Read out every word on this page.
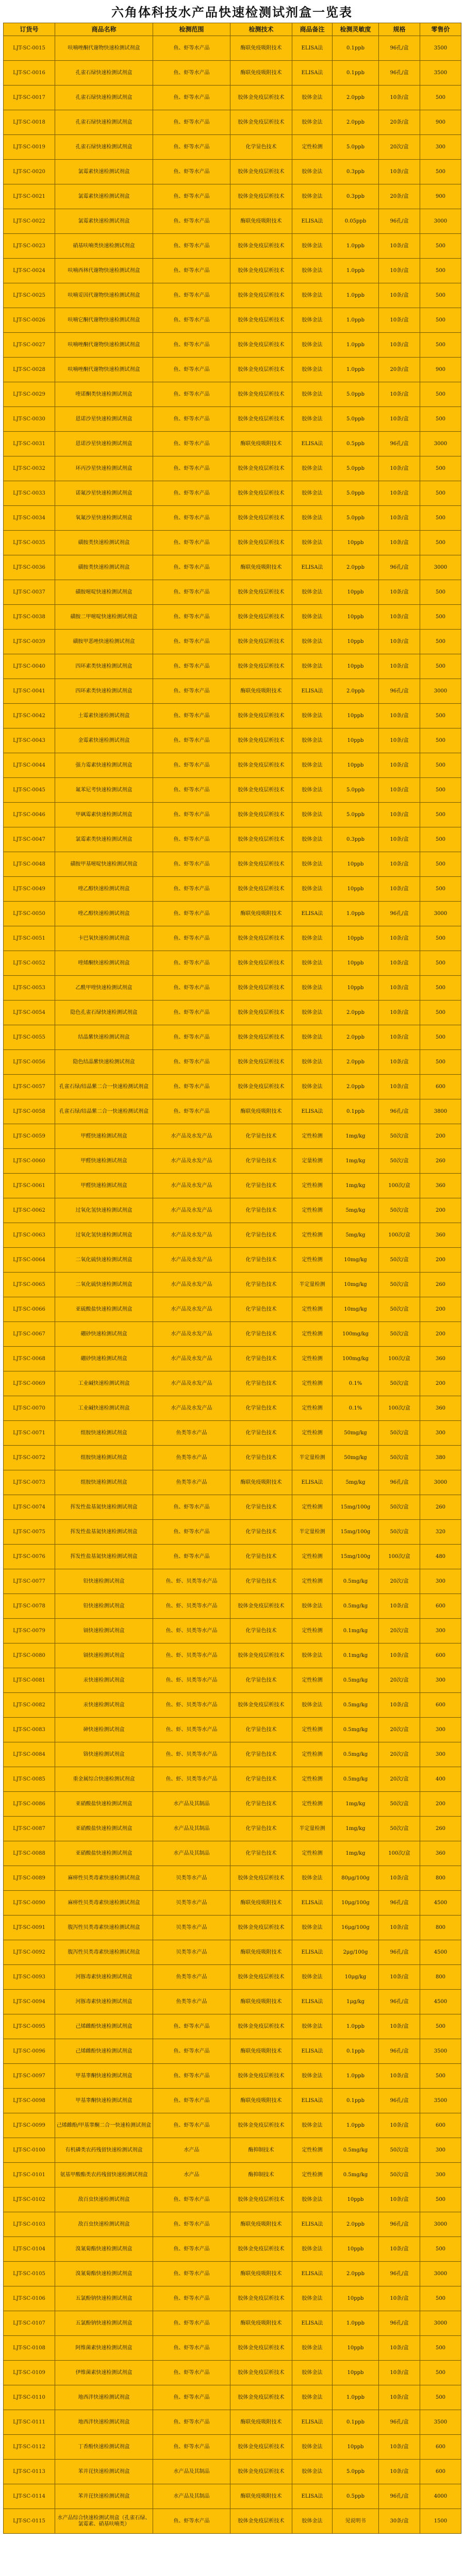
六角体科技水产品快速检测试剂盒一览表
订货号	商品名称	检测范围	检测技术	商品备注	检测灵敏度	规格	零售价
LJT-SC-0015	呋喃唑酮代谢物快速检测试剂盒	鱼、虾等水产品	酶联免疫吸附技术	ELISA法	0.1ppb	96孔/盒	3500
LJT-SC-0016	孔雀石绿快速检测试剂盒	鱼、虾等水产品	酶联免疫吸附技术	ELISA法	0.1ppb	96孔/盒	3500
LJT-SC-0017	孔雀石绿快速检测试剂盒	鱼、虾等水产品	胶体金免疫层析技术	胶体金法	2.0ppb	10条/盒	500
LJT-SC-0018	孔雀石绿快速检测试剂盒	鱼、虾等水产品	胶体金免疫层析技术	胶体金法	2.0ppb	20条/盒	900
LJT-SC-0019	孔雀石绿快速检测试剂盒	鱼、虾等水产品	化学显色技术	定性检测	5.0ppb	20次/盒	300
LJT-SC-0020	氯霉素快速检测试剂盒	鱼、虾等水产品	胶体金免疫层析技术	胶体金法	0.3ppb	10条/盒	500
LJT-SC-0021	氯霉素快速检测试剂盒	鱼、虾等水产品	胶体金免疫层析技术	胶体金法	0.3ppb	20条/盒	900
LJT-SC-0022	氯霉素快速检测试剂盒	鱼、虾等水产品	酶联免疫吸附技术	ELISA法	0.05ppb	96孔/盒	3000
LJT-SC-0023	硝基呋喃类快速检测试剂盒	鱼、虾等水产品	胶体金免疫层析技术	胶体金法	1.0ppb	10条/盒	500
LJT-SC-0024	呋喃西林代谢物快速检测试剂盒	鱼、虾等水产品	胶体金免疫层析技术	胶体金法	1.0ppb	10条/盒	500
LJT-SC-0025	呋喃妥因代谢物快速检测试剂盒	鱼、虾等水产品	胶体金免疫层析技术	胶体金法	1.0ppb	10条/盒	500
LJT-SC-0026	呋喃它酮代谢物快速检测试剂盒	鱼、虾等水产品	胶体金免疫层析技术	胶体金法	1.0ppb	10条/盒	500
LJT-SC-0027	呋喃唑酮代谢物快速检测试剂盒	鱼、虾等水产品	胶体金免疫层析技术	胶体金法	1.0ppb	10条/盒	500
LJT-SC-0028	呋喃唑酮代谢物快速检测试剂盒	鱼、虾等水产品	胶体金免疫层析技术	胶体金法	1.0ppb	20条/盒	900
LJT-SC-0029	喹诺酮类快速检测试剂盒	鱼、虾等水产品	胶体金免疫层析技术	胶体金法	5.0ppb	10条/盒	500
LJT-SC-0030	恩诺沙星快速检测试剂盒	鱼、虾等水产品	胶体金免疫层析技术	胶体金法	5.0ppb	10条/盒	500
LJT-SC-0031	恩诺沙星快速检测试剂盒	鱼、虾等水产品	酶联免疫吸附技术	ELISA法	0.5ppb	96孔/盒	3000
LJT-SC-0032	环丙沙星快速检测试剂盒	鱼、虾等水产品	胶体金免疫层析技术	胶体金法	5.0ppb	10条/盒	500
LJT-SC-0033	诺氟沙星快速检测试剂盒	鱼、虾等水产品	胶体金免疫层析技术	胶体金法	5.0ppb	10条/盒	500
LJT-SC-0034	氧氟沙星快速检测试剂盒	鱼、虾等水产品	胶体金免疫层析技术	胶体金法	5.0ppb	10条/盒	500
LJT-SC-0035	磺胺类快速检测试剂盒	鱼、虾等水产品	胶体金免疫层析技术	胶体金法	10ppb	10条/盒	500
LJT-SC-0036	磺胺类快速检测试剂盒	鱼、虾等水产品	酶联免疫吸附技术	ELISA法	2.0ppb	96孔/盒	3000
LJT-SC-0037	磺胺嘧啶快速检测试剂盒	鱼、虾等水产品	胶体金免疫层析技术	胶体金法	10ppb	10条/盒	500
LJT-SC-0038	磺胺二甲嘧啶快速检测试剂盒	鱼、虾等水产品	胶体金免疫层析技术	胶体金法	10ppb	10条/盒	500
LJT-SC-0039	磺胺甲恶唑快速检测试剂盒	鱼、虾等水产品	胶体金免疫层析技术	胶体金法	10ppb	10条/盒	500
LJT-SC-0040	四环素类快速检测试剂盒	鱼、虾等水产品	胶体金免疫层析技术	胶体金法	10ppb	10条/盒	500
LJT-SC-0041	四环素类快速检测试剂盒	鱼、虾等水产品	酶联免疫吸附技术	ELISA法	2.0ppb	96孔/盒	3000
LJT-SC-0042	土霉素快速检测试剂盒	鱼、虾等水产品	胶体金免疫层析技术	胶体金法	10ppb	10条/盒	500
LJT-SC-0043	金霉素快速检测试剂盒	鱼、虾等水产品	胶体金免疫层析技术	胶体金法	10ppb	10条/盒	500
LJT-SC-0044	强力霉素快速检测试剂盒	鱼、虾等水产品	胶体金免疫层析技术	胶体金法	10ppb	10条/盒	500
LJT-SC-0045	氟苯尼考快速检测试剂盒	鱼、虾等水产品	胶体金免疫层析技术	胶体金法	5.0ppb	10条/盒	500
LJT-SC-0046	甲砜霉素快速检测试剂盒	鱼、虾等水产品	胶体金免疫层析技术	胶体金法	5.0ppb	10条/盒	500
LJT-SC-0047	氯霉素类快速检测试剂盒	鱼、虾等水产品	胶体金免疫层析技术	胶体金法	0.3ppb	10条/盒	500
LJT-SC-0048	磺胺甲基嘧啶快速检测试剂盒	鱼、虾等水产品	胶体金免疫层析技术	胶体金法	10ppb	10条/盒	500
LJT-SC-0049	喹乙醇快速检测试剂盒	鱼、虾等水产品	胶体金免疫层析技术	胶体金法	10ppb	10条/盒	500
LJT-SC-0050	喹乙醇快速检测试剂盒	鱼、虾等水产品	酶联免疫吸附技术	ELISA法	1.0ppb	96孔/盒	3000
LJT-SC-0051	卡巴氧快速检测试剂盒	鱼、虾等水产品	胶体金免疫层析技术	胶体金法	10ppb	10条/盒	500
LJT-SC-0052	喹烯酮快速检测试剂盒	鱼、虾等水产品	胶体金免疫层析技术	胶体金法	10ppb	10条/盒	500
LJT-SC-0053	乙酰甲喹快速检测试剂盒	鱼、虾等水产品	胶体金免疫层析技术	胶体金法	10ppb	10条/盒	500
LJT-SC-0054	隐色孔雀石绿快速检测试剂盒	鱼、虾等水产品	胶体金免疫层析技术	胶体金法	2.0ppb	10条/盒	500
LJT-SC-0055	结晶紫快速检测试剂盒	鱼、虾等水产品	胶体金免疫层析技术	胶体金法	2.0ppb	10条/盒	500
LJT-SC-0056	隐色结晶紫快速检测试剂盒	鱼、虾等水产品	胶体金免疫层析技术	胶体金法	2.0ppb	10条/盒	500
LJT-SC-0057	孔雀石绿/结晶紫二合一快速检测试剂盒	鱼、虾等水产品	胶体金免疫层析技术	胶体金法	2.0ppb	10条/盒	600
LJT-SC-0058	孔雀石绿/结晶紫二合一快速检测试剂盒	鱼、虾等水产品	酶联免疫吸附技术	ELISA法	0.1ppb	96孔/盒	3800
LJT-SC-0059	甲醛快速检测试剂盒	水产品及水发产品	化学显色技术	定性检测	1mg/kg	50次/盒	200
LJT-SC-0060	甲醛快速检测试剂盒	水产品及水发产品	化学显色技术	定量检测	1mg/kg	50次/盒	260
LJT-SC-0061	甲醛快速检测试剂盒	水产品及水发产品	化学显色技术	定性检测	1mg/kg	100次/盒	360
LJT-SC-0062	过氧化氢快速检测试剂盒	水产品及水发产品	化学显色技术	定性检测	5mg/kg	50次/盒	200
LJT-SC-0063	过氧化氢快速检测试剂盒	水产品及水发产品	化学显色技术	定性检测	5mg/kg	100次/盒	360
LJT-SC-0064	二氧化硫快速检测试剂盒	水产品及水发产品	化学显色技术	定性检测	10mg/kg	50次/盒	200
LJT-SC-0065	二氧化硫快速检测试剂盒	水产品及水发产品	化学显色技术	半定量检测	10mg/kg	50次/盒	260
LJT-SC-0066	亚硫酸盐快速检测试剂盒	水产品及水发产品	化学显色技术	定性检测	10mg/kg	50次/盒	200
LJT-SC-0067	硼砂快速检测试剂盒	水产品及水发产品	化学显色技术	定性检测	100mg/kg	50次/盒	200
LJT-SC-0068	硼砂快速检测试剂盒	水产品及水发产品	化学显色技术	定性检测	100mg/kg	100次/盒	360
LJT-SC-0069	工业碱快速检测试剂盒	水产品及水发产品	化学显色技术	定性检测	0.1%	50次/盒	200
LJT-SC-0070	工业碱快速检测试剂盒	水产品及水发产品	化学显色技术	定性检测	0.1%	100次/盒	360
LJT-SC-0071	组胺快速检测试剂盒	鱼类等水产品	化学显色技术	定性检测	50mg/kg	50次/盒	300
LJT-SC-0072	组胺快速检测试剂盒	鱼类等水产品	化学显色技术	半定量检测	50mg/kg	50次/盒	380
LJT-SC-0073	组胺快速检测试剂盒	鱼类等水产品	酶联免疫吸附技术	ELISA法	5mg/kg	96孔/盒	3000
LJT-SC-0074	挥发性盐基氮快速检测试剂盒	鱼、虾等水产品	化学显色技术	定性检测	15mg/100g	50次/盒	260
LJT-SC-0075	挥发性盐基氮快速检测试剂盒	鱼、虾等水产品	化学显色技术	半定量检测	15mg/100g	50次/盒	320
LJT-SC-0076	挥发性盐基氮快速检测试剂盒	鱼、虾等水产品	化学显色技术	定性检测	15mg/100g	100次/盒	480
LJT-SC-0077	铅快速检测试剂盒	鱼、虾、贝类等水产品	化学显色技术	定性检测	0.5mg/kg	20次/盒	300
LJT-SC-0078	铅快速检测试剂盒	鱼、虾、贝类等水产品	胶体金免疫层析技术	胶体金法	0.5mg/kg	10条/盒	600
LJT-SC-0079	镉快速检测试剂盒	鱼、虾、贝类等水产品	化学显色技术	定性检测	0.1mg/kg	20次/盒	300
LJT-SC-0080	镉快速检测试剂盒	鱼、虾、贝类等水产品	胶体金免疫层析技术	胶体金法	0.1mg/kg	10条/盒	600
LJT-SC-0081	汞快速检测试剂盒	鱼、虾、贝类等水产品	化学显色技术	定性检测	0.5mg/kg	20次/盒	300
LJT-SC-0082	汞快速检测试剂盒	鱼、虾、贝类等水产品	胶体金免疫层析技术	胶体金法	0.5mg/kg	10条/盒	600
LJT-SC-0083	砷快速检测试剂盒	鱼、虾、贝类等水产品	化学显色技术	定性检测	0.5mg/kg	20次/盒	300
LJT-SC-0084	铬快速检测试剂盒	鱼、虾、贝类等水产品	化学显色技术	定性检测	0.5mg/kg	20次/盒	300
LJT-SC-0085	重金属综合快速检测试剂盒	鱼、虾、贝类等水产品	化学显色技术	定性检测	0.5mg/kg	20次/盒	400
LJT-SC-0086	亚硝酸盐快速检测试剂盒	水产品及其制品	化学显色技术	定性检测	1mg/kg	50次/盒	200
LJT-SC-0087	亚硝酸盐快速检测试剂盒	水产品及其制品	化学显色技术	半定量检测	1mg/kg	50次/盒	260
LJT-SC-0088	亚硝酸盐快速检测试剂盒	水产品及其制品	化学显色技术	定性检测	1mg/kg	100次/盒	360
LJT-SC-0089	麻痹性贝类毒素快速检测试剂盒	贝类等水产品	胶体金免疫层析技术	胶体金法	80μg/100g	10条/盒	800
LJT-SC-0090	麻痹性贝类毒素快速检测试剂盒	贝类等水产品	酶联免疫吸附技术	ELISA法	10μg/100g	96孔/盒	4500
LJT-SC-0091	腹泻性贝类毒素快速检测试剂盒	贝类等水产品	胶体金免疫层析技术	胶体金法	16μg/100g	10条/盒	800
LJT-SC-0092	腹泻性贝类毒素快速检测试剂盒	贝类等水产品	酶联免疫吸附技术	ELISA法	2μg/100g	96孔/盒	4500
LJT-SC-0093	河豚毒素快速检测试剂盒	鱼类等水产品	胶体金免疫层析技术	胶体金法	10μg/kg	10条/盒	800
LJT-SC-0094	河豚毒素快速检测试剂盒	鱼类等水产品	酶联免疫吸附技术	ELISA法	1μg/kg	96孔/盒	4500
LJT-SC-0095	己烯雌酚快速检测试剂盒	鱼、虾等水产品	胶体金免疫层析技术	胶体金法	1.0ppb	10条/盒	500
LJT-SC-0096	己烯雌酚快速检测试剂盒	鱼、虾等水产品	酶联免疫吸附技术	ELISA法	0.1ppb	96孔/盒	3500
LJT-SC-0097	甲基睾酮快速检测试剂盒	鱼、虾等水产品	胶体金免疫层析技术	胶体金法	1.0ppb	10条/盒	500
LJT-SC-0098	甲基睾酮快速检测试剂盒	鱼、虾等水产品	酶联免疫吸附技术	ELISA法	0.1ppb	96孔/盒	3500
LJT-SC-0099	己烯雌酚/甲基睾酮二合一快速检测试剂盒	鱼、虾等水产品	胶体金免疫层析技术	胶体金法	1.0ppb	10条/盒	600
LJT-SC-0100	有机磷类农药残留快速检测试剂盒	水产品	酶抑制技术	定性检测	0.5mg/kg	50次/盒	300
LJT-SC-0101	氨基甲酸酯类农药残留快速检测试剂盒	水产品	酶抑制技术	定性检测	0.5mg/kg	50次/盒	300
LJT-SC-0102	敌百虫快速检测试剂盒	鱼、虾等水产品	胶体金免疫层析技术	胶体金法	10ppb	10条/盒	500
LJT-SC-0103	敌百虫快速检测试剂盒	鱼、虾等水产品	酶联免疫吸附技术	ELISA法	2.0ppb	96孔/盒	3000
LJT-SC-0104	溴氰菊酯快速检测试剂盒	鱼、虾等水产品	胶体金免疫层析技术	胶体金法	10ppb	10条/盒	500
LJT-SC-0105	溴氰菊酯快速检测试剂盒	鱼、虾等水产品	酶联免疫吸附技术	ELISA法	2.0ppb	96孔/盒	3000
LJT-SC-0106	五氯酚钠快速检测试剂盒	鱼、虾等水产品	胶体金免疫层析技术	胶体金法	10ppb	10条/盒	500
LJT-SC-0107	五氯酚钠快速检测试剂盒	鱼、虾等水产品	酶联免疫吸附技术	ELISA法	1.0ppb	96孔/盒	3000
LJT-SC-0108	阿维菌素快速检测试剂盒	鱼、虾等水产品	胶体金免疫层析技术	胶体金法	10ppb	10条/盒	500
LJT-SC-0109	伊维菌素快速检测试剂盒	鱼、虾等水产品	胶体金免疫层析技术	胶体金法	10ppb	10条/盒	500
LJT-SC-0110	地西泮快速检测试剂盒	鱼、虾等水产品	胶体金免疫层析技术	胶体金法	1.0ppb	10条/盒	500
LJT-SC-0111	地西泮快速检测试剂盒	鱼、虾等水产品	酶联免疫吸附技术	ELISA法	0.1ppb	96孔/盒	3500
LJT-SC-0112	丁香酚快速检测试剂盒	鱼、虾等水产品	胶体金免疫层析技术	胶体金法	10ppb	10条/盒	600
LJT-SC-0113	苯并芘快速检测试剂盒	水产品及其制品	胶体金免疫层析技术	胶体金法	5.0ppb	10条/盒	600
LJT-SC-0114	苯并芘快速检测试剂盒	水产品及其制品	酶联免疫吸附技术	ELISA法	0.5ppb	96孔/盒	4000
LJT-SC-0115	水产品综合快速检测试剂盒（孔雀石绿、氯霉素、硝基呋喃类）	鱼、虾等水产品	胶体金免疫层析技术	胶体金法	见说明书	30条/盒	1500
